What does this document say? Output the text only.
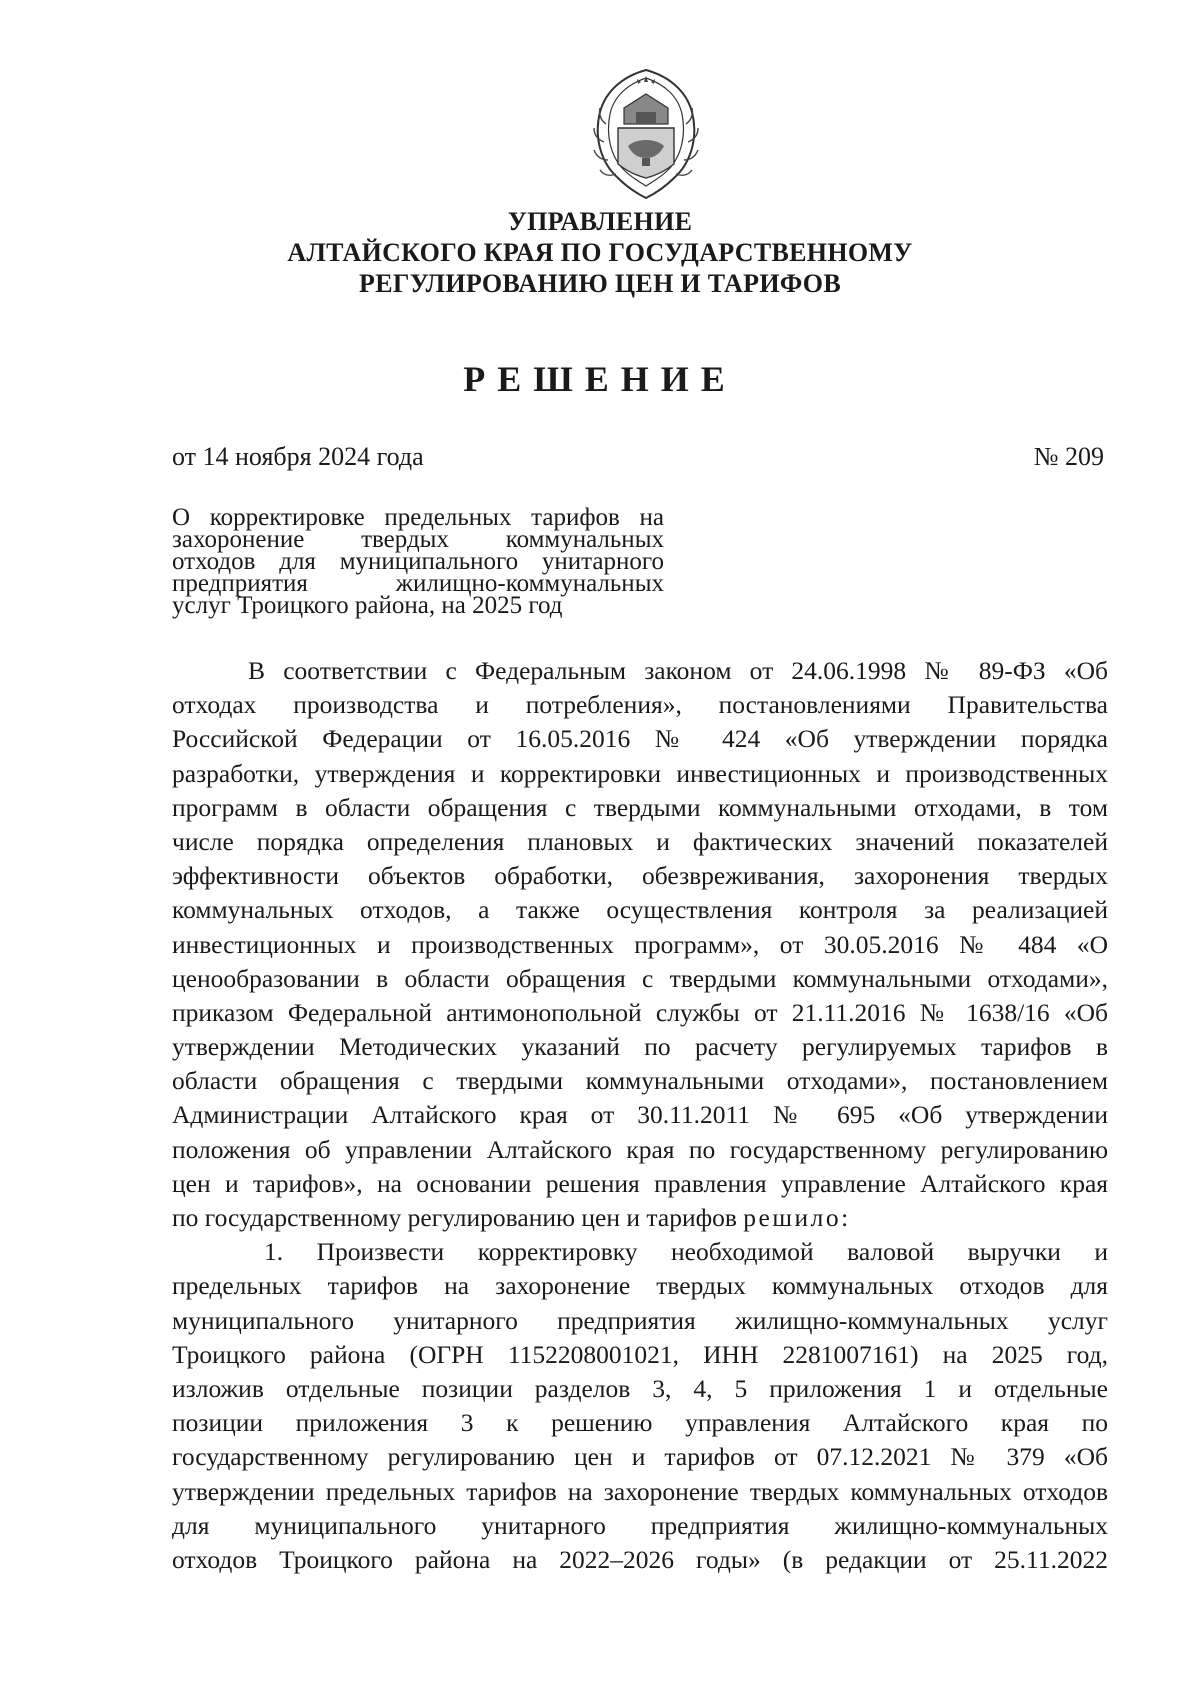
УПРАВЛЕНИЕ
АЛТАЙСКОГО КРАЯ ПО ГОСУДАРСТВЕННОМУ
РЕГУЛИРОВАНИЮ ЦЕН И ТАРИФОВ
РЕШЕНИЕ
от 14 ноября 2024 года	№ 209
О корректировке предельных тарифов на
захоронение твердых коммунальных
отходов для муниципального унитарного
предприятия жилищно-коммунальных
услуг Троицкого района, на 2025 год
В соответствии с Федеральным законом от 24.06.1998 № 89-ФЗ «Об
отходах производства и потребления», постановлениями Правительства
Российской Федерации от 16.05.2016 № 424 «Об утверждении порядка
разработки, утверждения и корректировки инвестиционных и производственных
программ в области обращения с твердыми коммунальными отходами, в том
числе порядка определения плановых и фактических значений показателей
эффективности объектов обработки, обезвреживания, захоронения твердых
коммунальных отходов, а также осуществления контроля за реализацией
инвестиционных и производственных программ», от 30.05.2016 № 484 «О
ценообразовании в области обращения с твердыми коммунальными отходами»,
приказом Федеральной антимонопольной службы от 21.11.2016 № 1638/16 «Об
утверждении Методических указаний по расчету регулируемых тарифов в
области обращения с твердыми коммунальными отходами», постановлением
Администрации Алтайского края от 30.11.2011 № 695 «Об утверждении
положения об управлении Алтайского края по государственному регулированию
цен и тарифов», на основании решения правления управление Алтайского края
по государственному регулированию цен и тарифов решило:
1. Произвести корректировку необходимой валовой выручки и
предельных тарифов на захоронение твердых коммунальных отходов для
муниципального унитарного предприятия жилищно-коммунальных услуг
Троицкого района (ОГРН 1152208001021, ИНН 2281007161) на 2025 год,
изложив отдельные позиции разделов 3, 4, 5 приложения 1 и отдельные
позиции приложения 3 к решению управления Алтайского края по
государственному регулированию цен и тарифов от 07.12.2021 № 379 «Об
утверждении предельных тарифов на захоронение твердых коммунальных отходов
для муниципального унитарного предприятия жилищно-коммунальных
отходов Троицкого района на 2022–2026 годы» (в редакции от 25.11.2022
